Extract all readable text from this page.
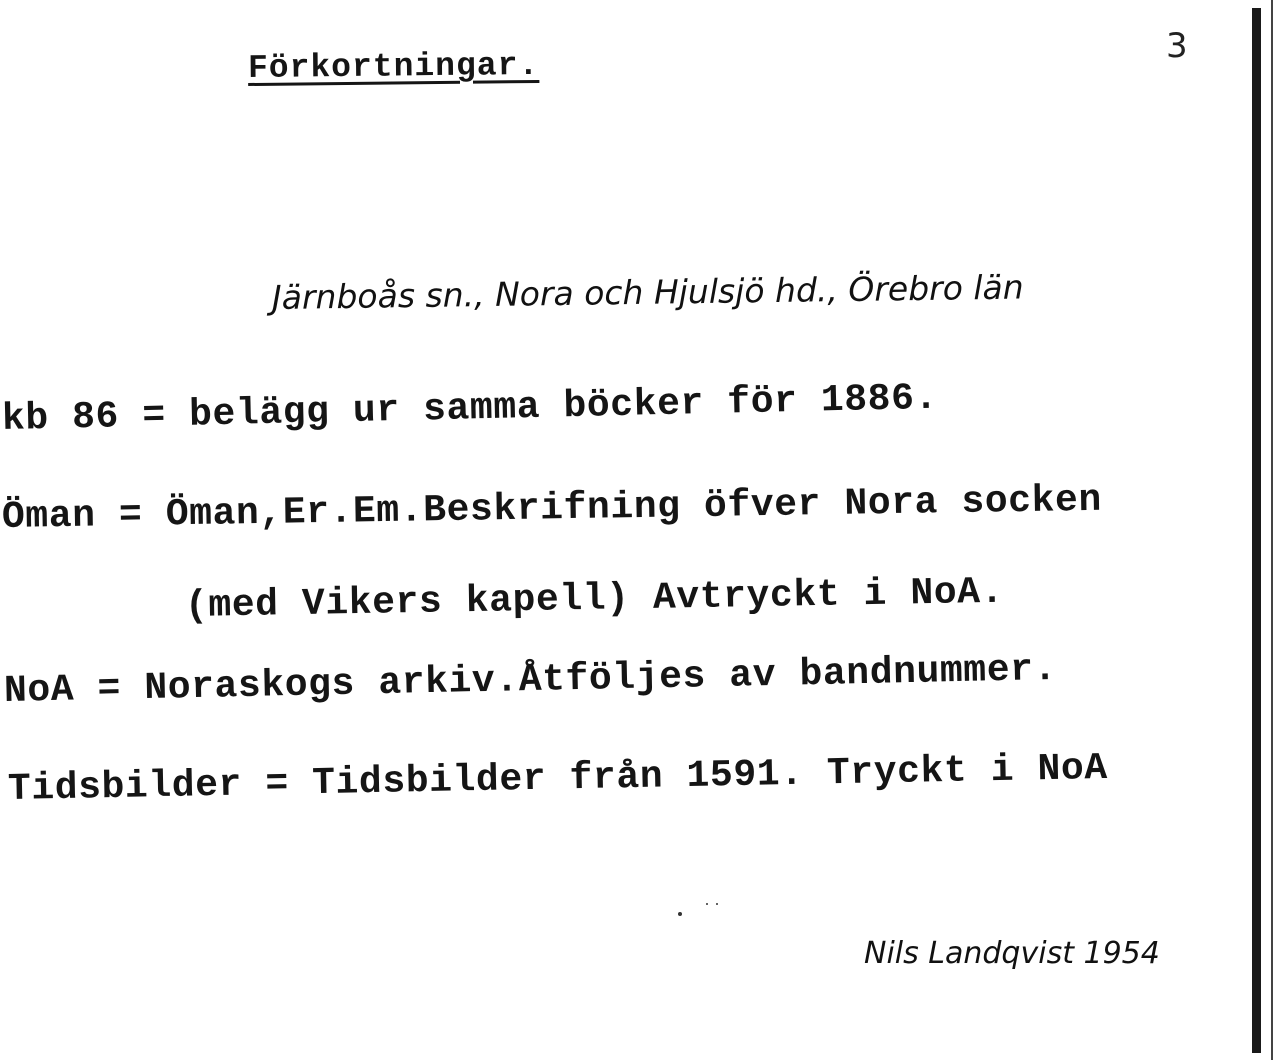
3
Förkortningar.
Järnboås sn., Nora och Hjulsjö hd., Örebro län
kb 86 = belägg ur samma böcker för 1886.
Öman = Öman,Er.Em.Beskrifning öfver Nora socken
(med Vikers kapell) Avtryckt i NoA.
NoA = Noraskogs arkiv.Åtföljes av bandnummer.
Tidsbilder = Tidsbilder från 1591. Tryckt i NoA
Nils Landqvist 1954
